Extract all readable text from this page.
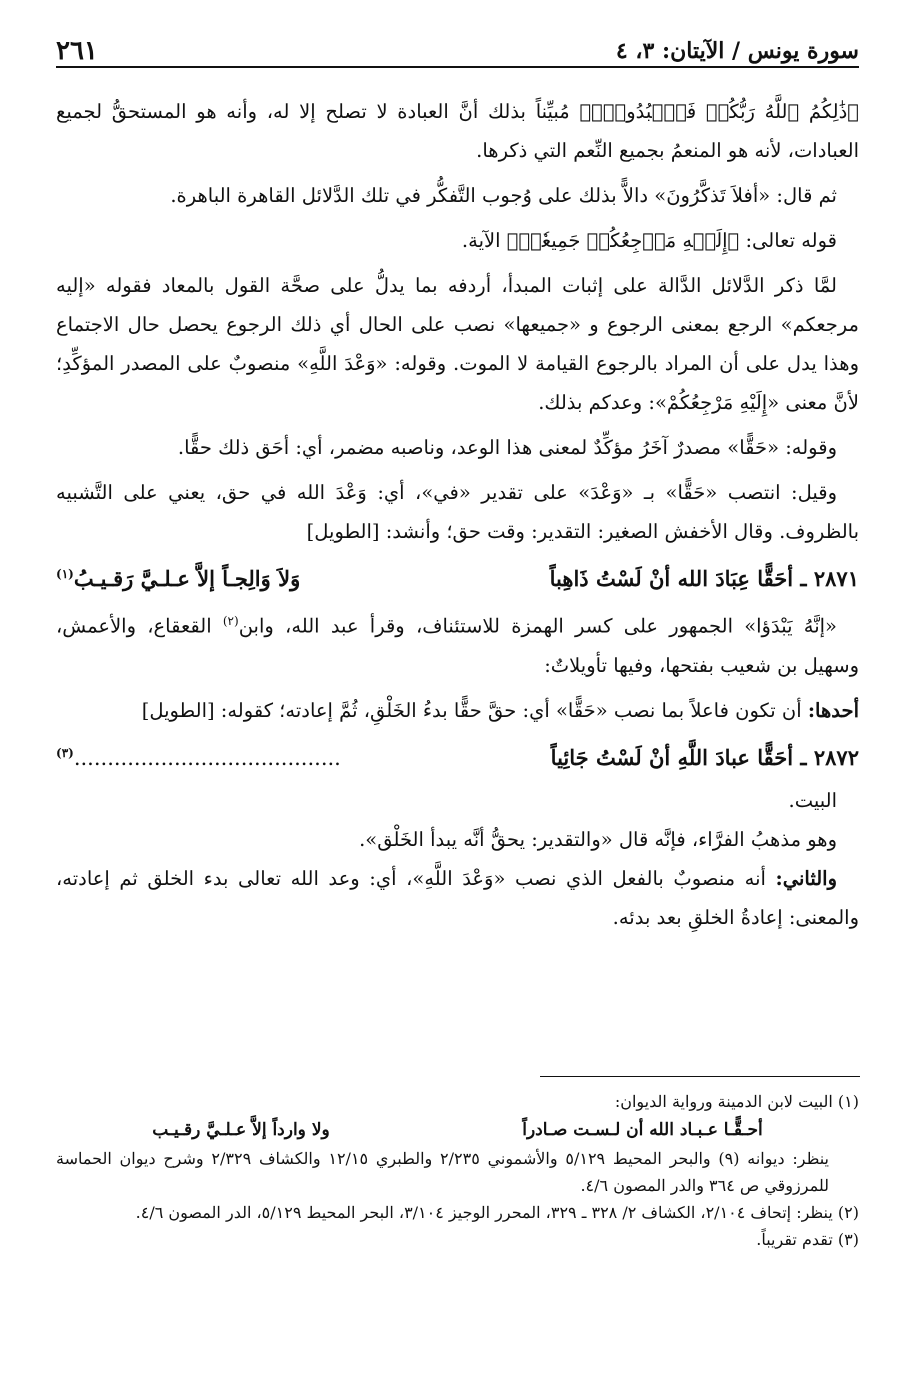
سورة يونس / الآيتان: ٣، ٤
٢٦١

﴿ذَٰلِكُمُ ٱللَّهُ رَبُّكُمۡ فَٱعۡبُدُوهُۚ﴾ مُبيِّناً بذلك أنَّ العبادة لا تصلح إلا له، وأنه هو المستحقُّ لجميع العبادات، لأنه هو المنعمُ بجميع النِّعم التي ذكرها.

ثم قال: «أفلاَ تَذكَّرُونَ» دالاًّ بذلك على وُجوب التَّفكُّر في تلك الدَّلائل القاهرة الباهرة.

قوله تعالى: ﴿إِلَيۡهِ مَرۡجِعُكُمۡ جَمِيعٗاۖ﴾ الآية.

لمَّا ذكر الدَّلائل الدَّالة على إثبات المبدأ، أردفه بما يدلُّ على صحَّة القول بالمعاد فقوله «إليه مرجعكم» الرجع بمعنى الرجوع و «جميعها» نصب على الحال أي ذلك الرجوع يحصل حال الاجتماع وهذا يدل على أن المراد بالرجوع القيامة لا الموت. وقوله: «وَعْدَ اللَّهِ» منصوبٌ على المصدر المؤكِّدِ؛ لأنَّ معنى «إِلَيْهِ مَرْجِعُكُمْ»: وعدكم بذلك.

وقوله: «حَقًّا» مصدرٌ آخَرُ مؤكِّدٌ لمعنى هذا الوعد، وناصبه مضمر، أي: أحَق ذلك حقًّا.

وقيل: انتصب «حَقًّا» بـ «وَعْدَ» على تقدير «في»، أي: وَعْدَ الله في حق، يعني على التَّشبيه بالظروف. وقال الأخفش الصغير: التقدير: وقت حق؛ وأنشد: [الطويل]

٢٨٧١ ـ أحَقًّا عِبَادَ الله أنْ لَسْتُ ذَاهِباً
وَلاَ وَالِجـاً إلاَّ عـلـيَّ رَقـيـبُ$^{(١)}$

«إنَّهُ يَبْدَؤا» الجمهور على كسر الهمزة للاستئناف، وقرأ عبد الله، وابن$^{(٢)}$ القعقاع، والأعمش، وسهيل بن شعيب بفتحها، وفيها تأويلاتٌ:

أحدها: أن تكون فاعلاً بما نصب «حَقًّا» أي: حقَّ حقًّا بدءُ الخَلْقِ، ثُمَّ إعادته؛ كقوله: [الطويل]

٢٨٧٢ ـ أحَقًّا عبادَ اللَّهِ أنْ لَسْتُ جَائِياً
........................................$^{(٣)}$

البيت.

وهو مذهبُ الفرَّاء، فإنَّه قال «والتقدير: يحقُّ أنَّه يبدأ الخَلْق».

والثاني: أنه منصوبٌ بالفعل الذي نصب «وَعْدَ اللَّهِ»، أي: وعد الله تعالى بدء الخلق ثم إعادته، والمعنى: إعادةُ الخلقِ بعد بدئه.

(١) البيت لابن الدمينة ورواية الديوان:

أحـقًّـا عـبـاد الله أن لـسـت صـادراً
ولا وارداً إلاَّ عـلـيَّ رقـيـب

ينظر: ديوانه (٩) والبحر المحيط ٥/١٢٩ والأشموني ٢/٢٣٥ والطبري ١٢/١٥ والكشاف ٢/٣٢٩ وشرح ديوان الحماسة للمرزوقي ص ٣٦٤ والدر المصون ٤/٦.

(٢) ينظر: إتحاف ٢/١٠٤، الكشاف ٢/ ٣٢٨ ـ ٣٢٩، المحرر الوجيز ٣/١٠٤، البحر المحيط ٥/١٢٩، الدر المصون ٤/٦.

(٣) تقدم تقريباً.
